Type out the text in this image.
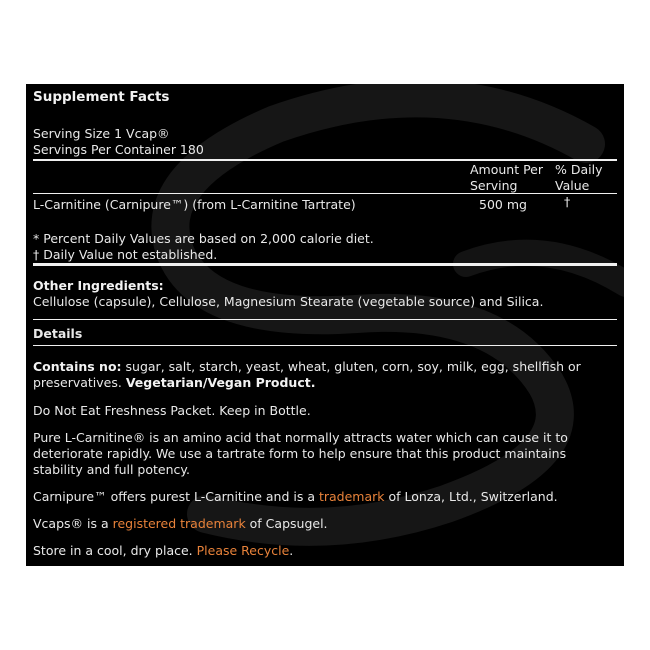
Supplement Facts
Serving Size 1 Vcap®
Servings Per Container 180
Amount Per
Serving
% Daily
Value
L-Carnitine (Carnipure™) (from L-Carnitine Tartrate)	500 mg	†
* Percent Daily Values are based on 2,000 calorie diet.
† Daily Value not established.
Other Ingredients:
Cellulose (capsule), Cellulose, Magnesium Stearate (vegetable source) and Silica.
Details
Contains no: sugar, salt, starch, yeast, wheat, gluten, corn, soy, milk, egg, shellfish or preservatives. Vegetarian/Vegan Product.
Do Not Eat Freshness Packet. Keep in Bottle.
Pure L-Carnitine® is an amino acid that normally attracts water which can cause it to deteriorate rapidly. We use a tartrate form to help ensure that this product maintains stability and full potency.
Carnipure™ offers purest L-Carnitine and is a trademark of Lonza, Ltd., Switzerland.
Vcaps® is a registered trademark of Capsugel.
Store in a cool, dry place. Please Recycle.
